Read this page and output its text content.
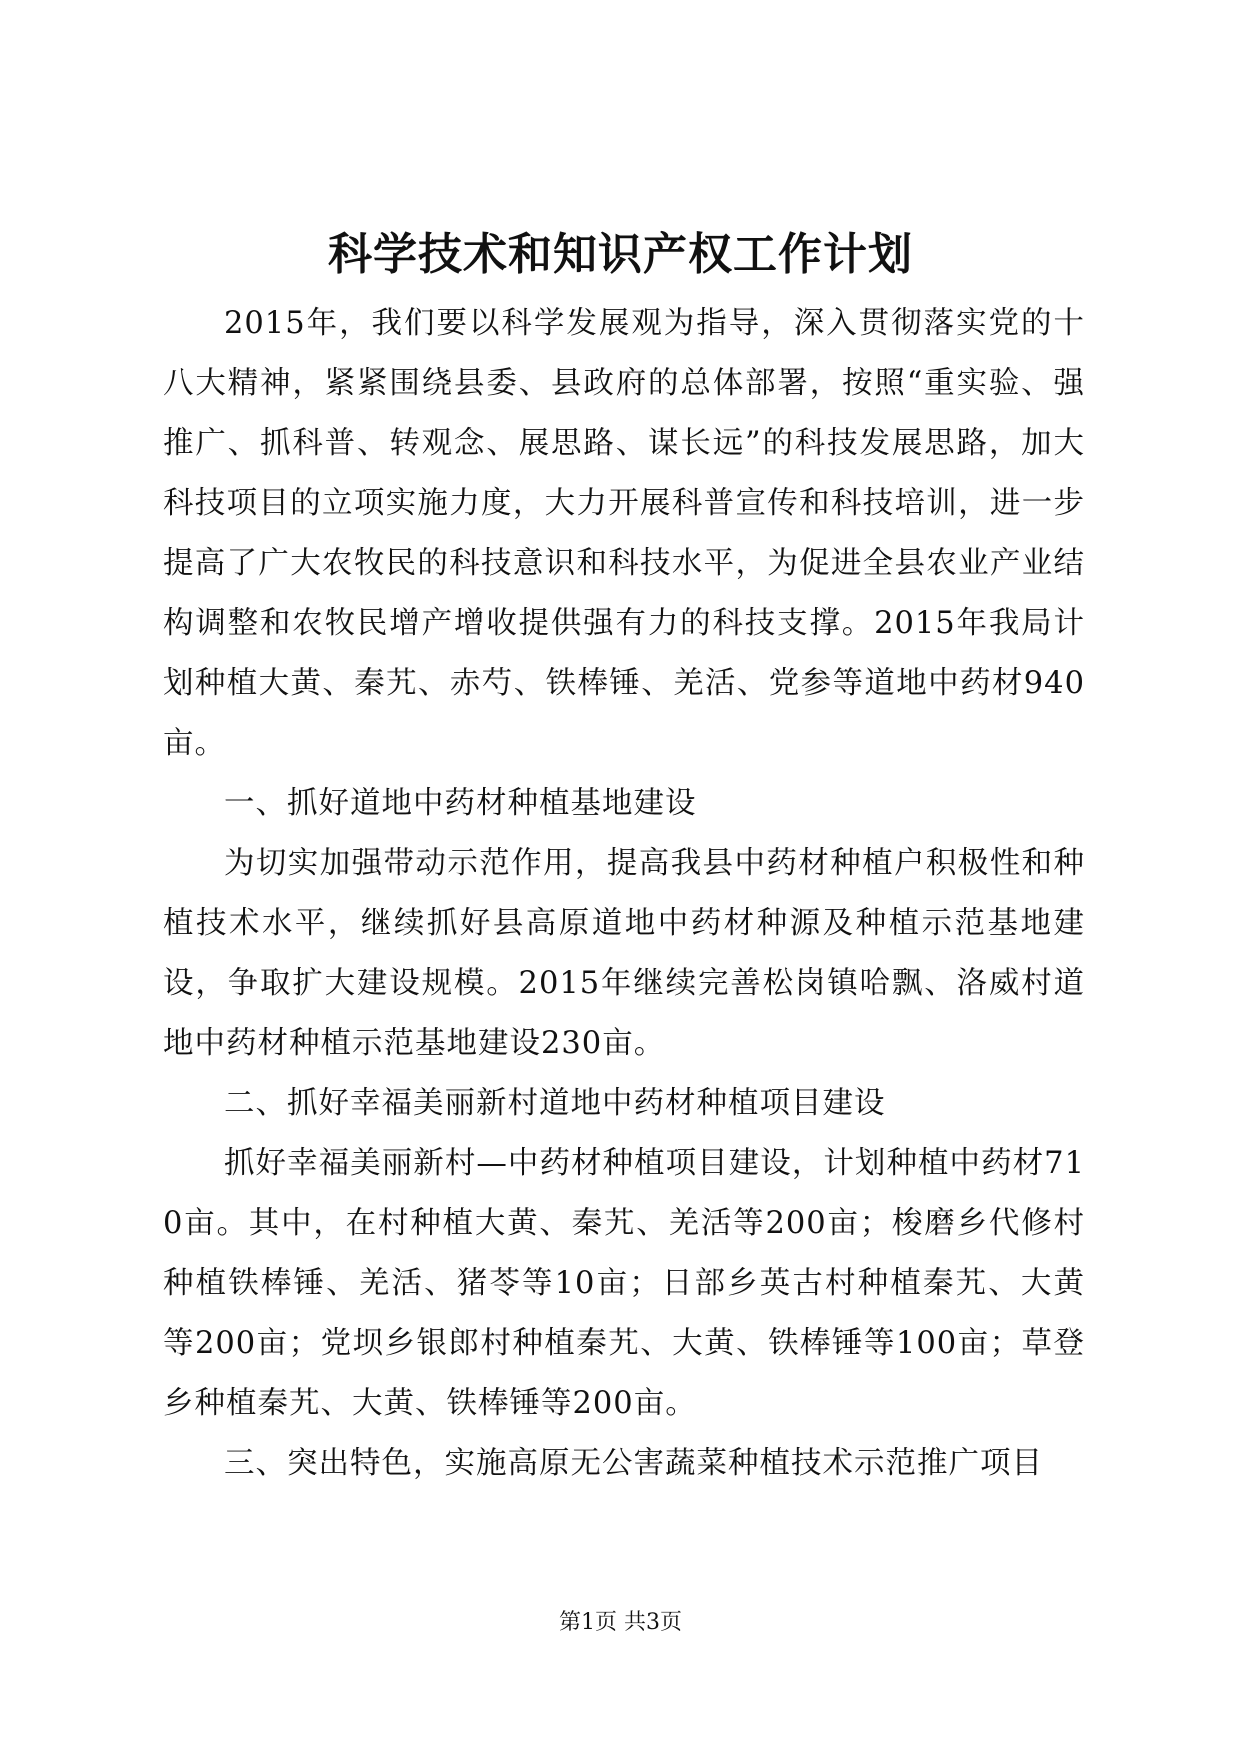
科学技术和知识产权工作计划

2015年，我们要以科学发展观为指导，深入贯彻落实党的十八大精神，紧紧围绕县委、县政府的总体部署，按照“重实验、强推广、抓科普、转观念、展思路、谋长远”的科技发展思路，加大科技项目的立项实施力度，大力开展科普宣传和科技培训，进一步提高了广大农牧民的科技意识和科技水平，为促进全县农业产业结构调整和农牧民增产增收提供强有力的科技支撑。2015年我局计划种植大黄、秦艽、赤芍、铁棒锤、羌活、党参等道地中药材940亩。

一、抓好道地中药材种植基地建设

为切实加强带动示范作用，提高我县中药材种植户积极性和种植技术水平，继续抓好县高原道地中药材种源及种植示范基地建设，争取扩大建设规模。2015年继续完善松岗镇哈飘、洛威村道地中药材种植示范基地建设230亩。

二、抓好幸福美丽新村道地中药材种植项目建设

抓好幸福美丽新村—中药材种植项目建设，计划种植中药材710亩。其中，在村种植大黄、秦艽、羌活等200亩；梭磨乡代修村种植铁棒锤、羌活、猪苓等10亩；日部乡英古村种植秦艽、大黄等200亩；党坝乡银郎村种植秦艽、大黄、铁棒锤等100亩；草登乡种植秦艽、大黄、铁棒锤等200亩。

三、突出特色，实施高原无公害蔬菜种植技术示范推广项目

第1页 共3页
